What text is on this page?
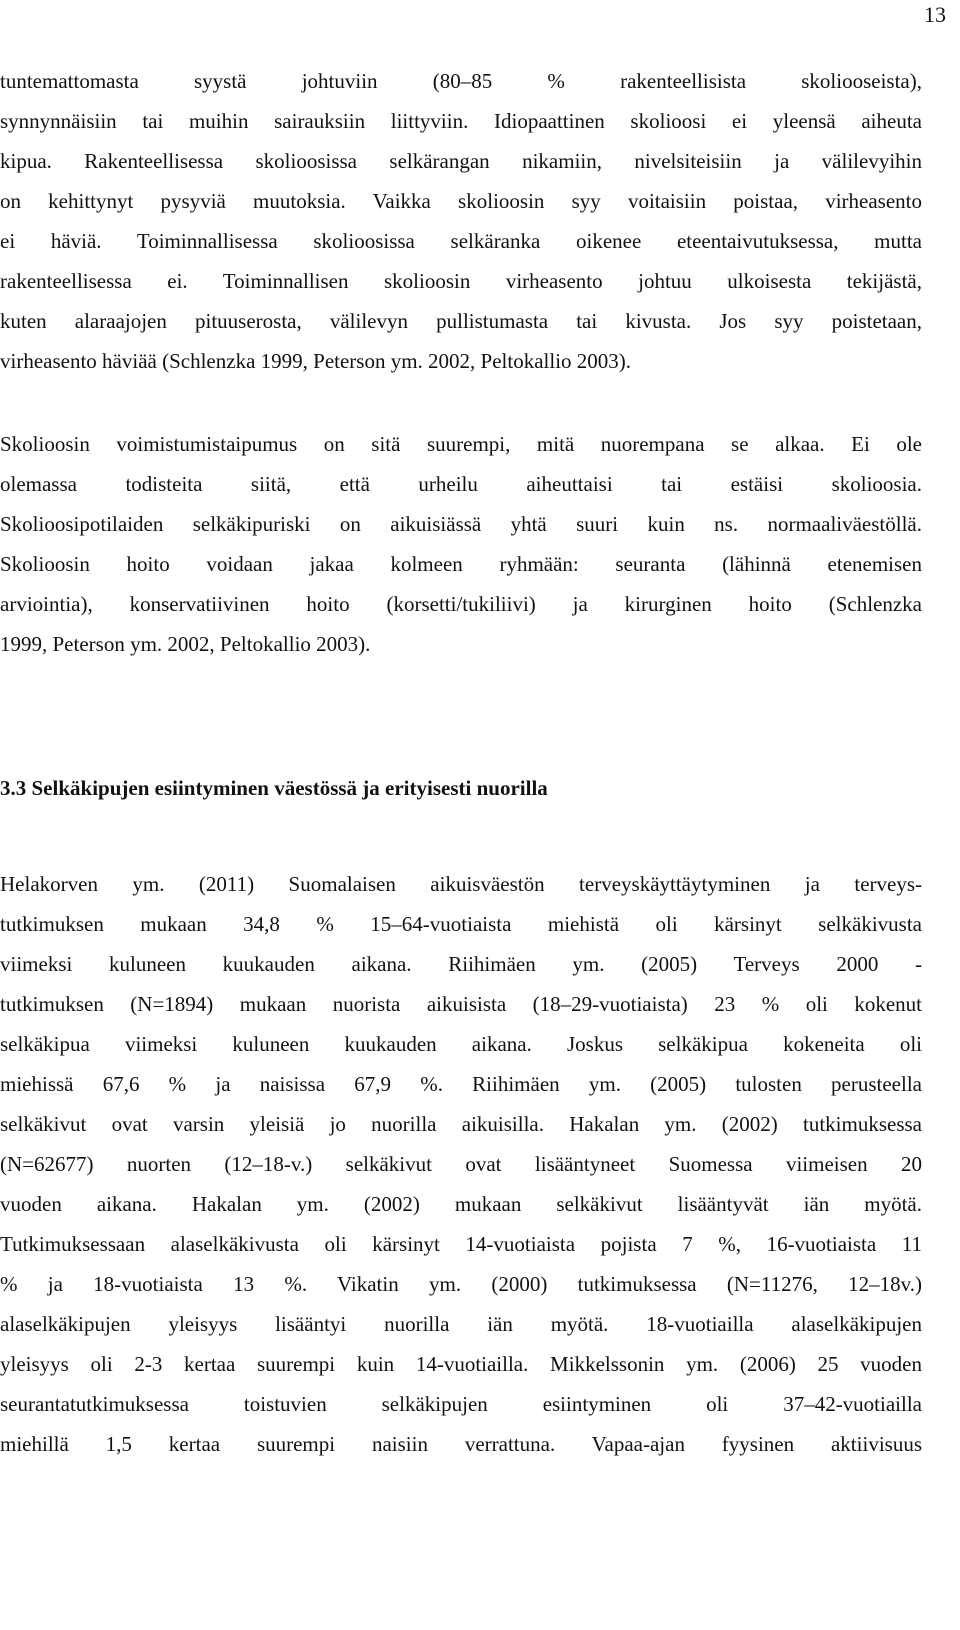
13
tuntemattomasta syystä johtuviin (80–85 % rakenteellisista skoliooseista),
synnynnäisiin tai muihin sairauksiin liittyviin. Idiopaattinen skolioosi ei yleensä aiheuta
kipua. Rakenteellisessa skolioosissa selkärangan nikamiin, nivelsiteisiin ja välilevyihin
on kehittynyt pysyviä muutoksia. Vaikka skolioosin syy voitaisiin poistaa, virheasento
ei häviä. Toiminnallisessa skolioosissa selkäranka oikenee eteentaivutuksessa, mutta
rakenteellisessa ei. Toiminnallisen skolioosin virheasento johtuu ulkoisesta tekijästä,
kuten alaraajojen pituuserosta, välilevyn pullistumasta tai kivusta. Jos syy poistetaan,
virheasento häviää (Schlenzka 1999, Peterson ym. 2002, Peltokallio 2003).
Skolioosin voimistumistaipumus on sitä suurempi, mitä nuorempana se alkaa. Ei ole
olemassa todisteita siitä, että urheilu aiheuttaisi tai estäisi skolioosia.
Skolioosipotilaiden selkäkipuriski on aikuisiässä yhtä suuri kuin ns. normaaliväestöllä.
Skolioosin hoito voidaan jakaa kolmeen ryhmään: seuranta (lähinnä etenemisen
arviointia), konservatiivinen hoito (korsetti/tukiliivi) ja kirurginen hoito (Schlenzka
1999, Peterson ym. 2002, Peltokallio 2003).
3.3 Selkäkipujen esiintyminen väestössä ja erityisesti nuorilla
Helakorven ym. (2011) Suomalaisen aikuisväestön terveyskäyttäytyminen ja terveys-
tutkimuksen mukaan 34,8 % 15–64-vuotiaista miehistä oli kärsinyt selkäkivusta
viimeksi kuluneen kuukauden aikana. Riihimäen ym. (2005) Terveys 2000 -
tutkimuksen (N=1894) mukaan nuorista aikuisista (18–29-vuotiaista) 23 % oli kokenut
selkäkipua viimeksi kuluneen kuukauden aikana. Joskus selkäkipua kokeneita oli
miehissä 67,6 % ja naisissa 67,9 %. Riihimäen ym. (2005) tulosten perusteella
selkäkivut ovat varsin yleisiä jo nuorilla aikuisilla. Hakalan ym. (2002) tutkimuksessa
(N=62677) nuorten (12–18-v.) selkäkivut ovat lisääntyneet Suomessa viimeisen 20
vuoden aikana. Hakalan ym. (2002) mukaan selkäkivut lisääntyvät iän myötä.
Tutkimuksessaan alaselkäkivusta oli kärsinyt 14-vuotiaista pojista 7 %, 16-vuotiaista 11
% ja 18-vuotiaista 13 %. Vikatin ym. (2000) tutkimuksessa (N=11276, 12–18v.)
alaselkäkipujen yleisyys lisääntyi nuorilla iän myötä. 18-vuotiailla alaselkäkipujen
yleisyys oli 2-3 kertaa suurempi kuin 14-vuotiailla. Mikkelssonin ym. (2006) 25 vuoden
seurantatutkimuksessa toistuvien selkäkipujen esiintyminen oli 37–42-vuotiailla
miehillä 1,5 kertaa suurempi naisiin verrattuna. Vapaa-ajan fyysinen aktiivisuus
